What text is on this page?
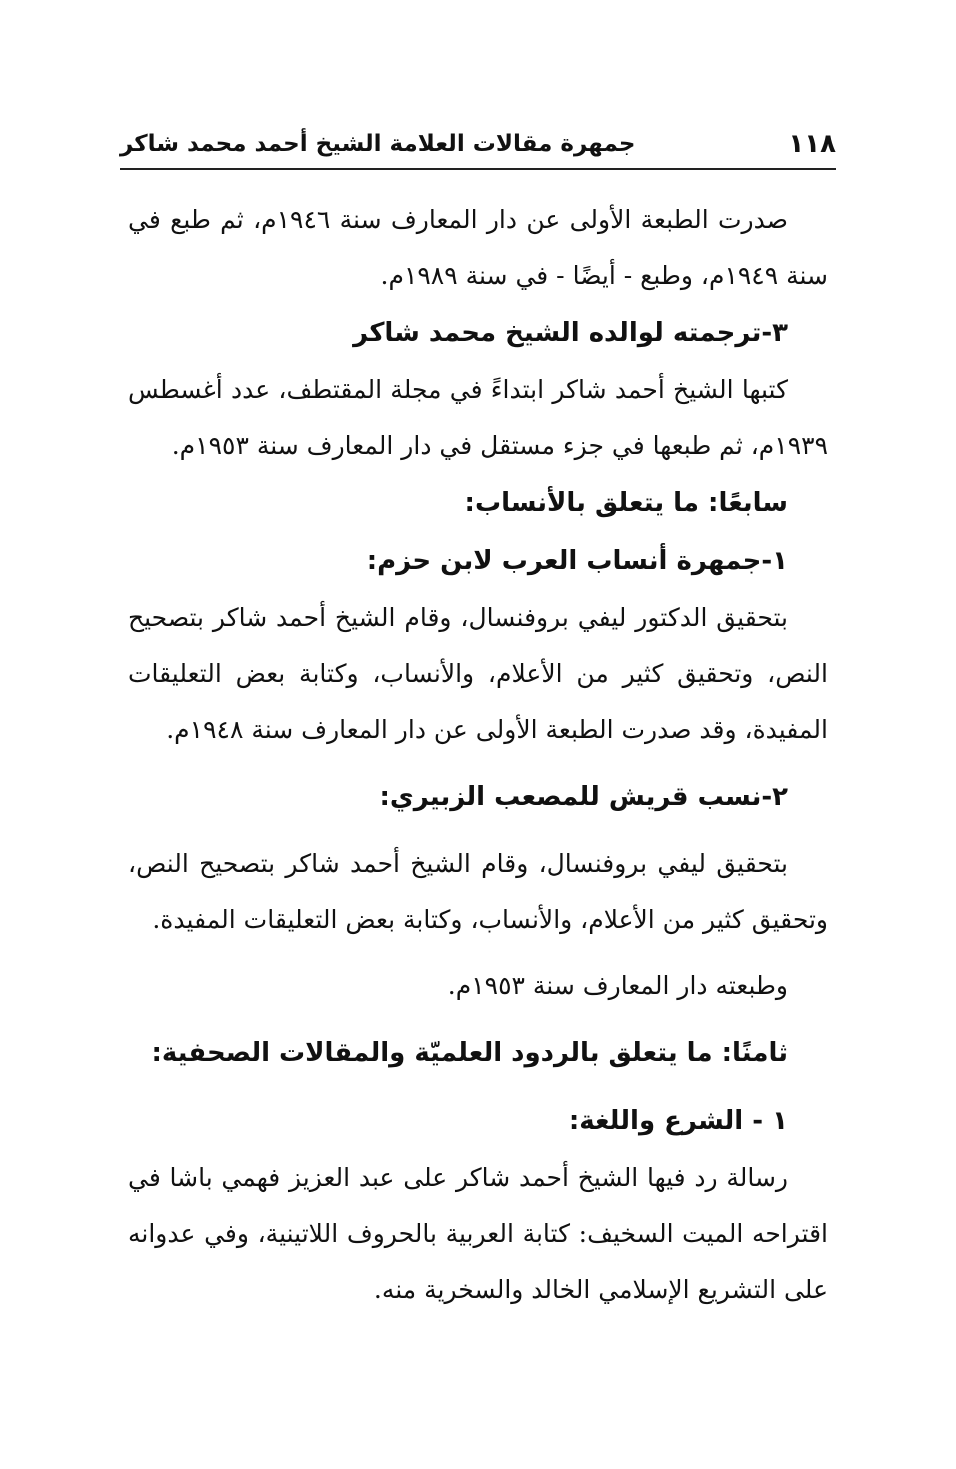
١١٨
جمهرة مقالات العلامة الشيخ أحمد محمد شاكر

صدرت الطبعة الأولى عن دار المعارف سنة ١٩٤٦م، ثم طبع في سنة ١٩٤٩م، وطبع - أيضًا - في سنة ١٩٨٩م.

٣-ترجمته لوالده الشيخ محمد شاكر

كتبها الشيخ أحمد شاكر ابتداءً في مجلة المقتطف، عدد أغسطس ١٩٣٩م، ثم طبعها في جزء مستقل في دار المعارف سنة ١٩٥٣م.

سابعًا: ما يتعلق بالأنساب:

١-جمهرة أنساب العرب لابن حزم:

بتحقيق الدكتور ليفي بروفنسال، وقام الشيخ أحمد شاكر بتصحيح النص، وتحقيق كثير من الأعلام، والأنساب، وكتابة بعض التعليقات المفيدة، وقد صدرت الطبعة الأولى عن دار المعارف سنة ١٩٤٨م.

٢-نسب قريش للمصعب الزبيري:

بتحقيق ليفي بروفنسال، وقام الشيخ أحمد شاكر بتصحيح النص، وتحقيق كثير من الأعلام، والأنساب، وكتابة بعض التعليقات المفيدة.

وطبعته دار المعارف سنة ١٩٥٣م.

ثامنًا: ما يتعلق بالردود العلميّة والمقالات الصحفية:

١ - الشرع واللغة:

رسالة رد فيها الشيخ أحمد شاكر على عبد العزيز فهمي باشا في اقتراحه الميت السخيف: كتابة العربية بالحروف اللاتينية، وفي عدوانه على التشريع الإسلامي الخالد والسخرية منه.
